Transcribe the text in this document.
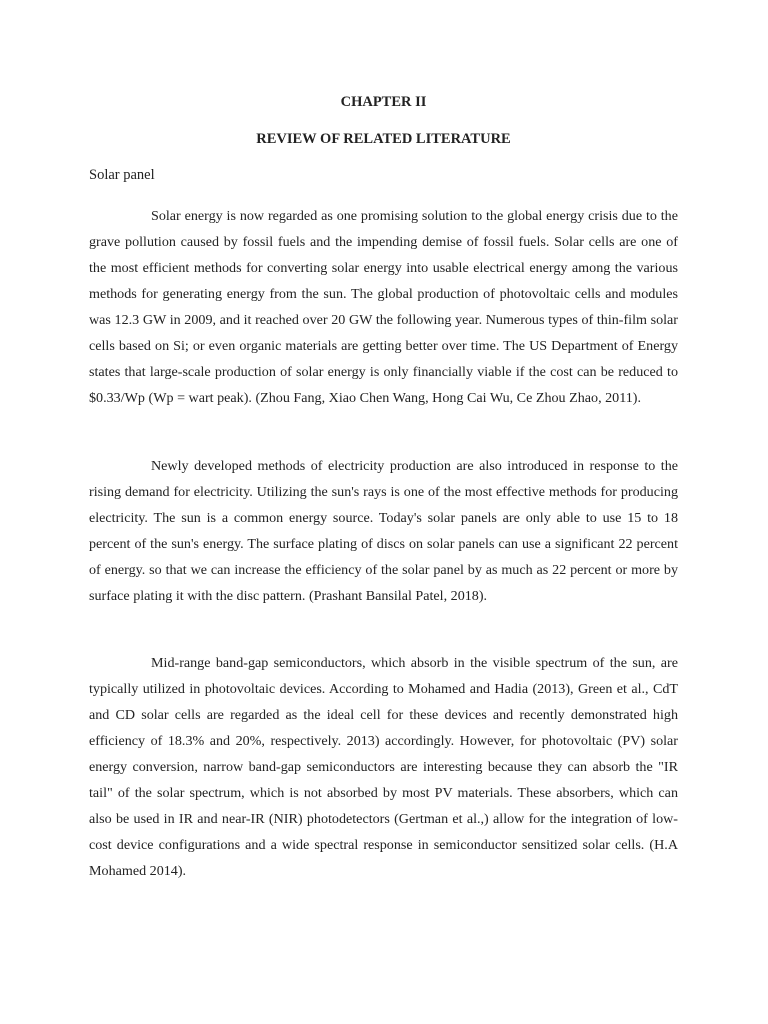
CHAPTER II
REVIEW OF RELATED LITERATURE

Solar panel

Solar energy is now regarded as one promising solution to the global energy crisis due to the grave pollution caused by fossil fuels and the impending demise of fossil fuels. Solar cells are one of the most efficient methods for converting solar energy into usable electrical energy among the various methods for generating energy from the sun. The global production of photovoltaic cells and modules was 12.3 GW in 2009, and it reached over 20 GW the following year. Numerous types of thin-film solar cells based on Si; or even organic materials are getting better over time. The US Department of Energy states that large-scale production of solar energy is only financially viable if the cost can be reduced to $0.33/Wp (Wp = wart peak). (Zhou Fang, Xiao Chen Wang, Hong Cai Wu, Ce Zhou Zhao, 2011).

Newly developed methods of electricity production are also introduced in response to the rising demand for electricity. Utilizing the sun's rays is one of the most effective methods for producing electricity. The sun is a common energy source. Today's solar panels are only able to use 15 to 18 percent of the sun's energy. The surface plating of discs on solar panels can use a significant 22 percent of energy. so that we can increase the efficiency of the solar panel by as much as 22 percent or more by surface plating it with the disc pattern. (Prashant Bansilal Patel, 2018).

Mid-range band-gap semiconductors, which absorb in the visible spectrum of the sun, are typically utilized in photovoltaic devices. According to Mohamed and Hadia (2013), Green et al., CdT and CD solar cells are regarded as the ideal cell for these devices and recently demonstrated high efficiency of 18.3% and 20%, respectively. 2013) accordingly. However, for photovoltaic (PV) solar energy conversion, narrow band-gap semiconductors are interesting because they can absorb the "IR tail" of the solar spectrum, which is not absorbed by most PV materials. These absorbers, which can also be used in IR and near-IR (NIR) photodetectors (Gertman et al.,) allow for the integration of low-cost device configurations and a wide spectral response in semiconductor sensitized solar cells. (H.A Mohamed 2014).
